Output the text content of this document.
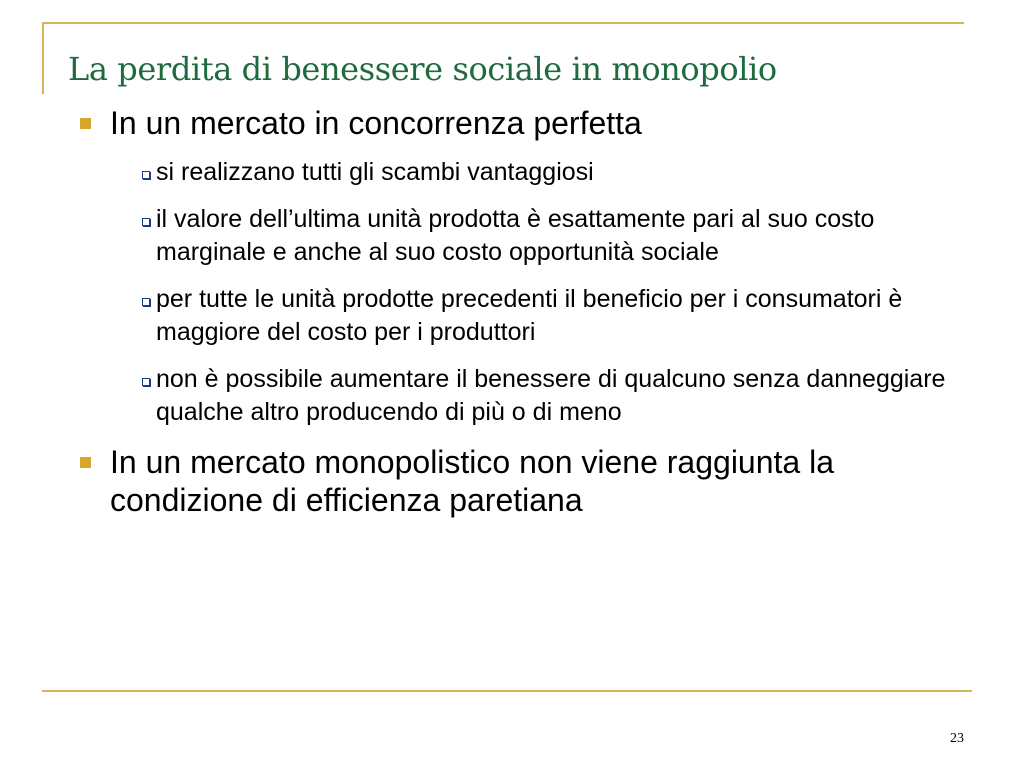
La perdita di benessere sociale in monopolio
In un mercato in concorrenza perfetta
si realizzano tutti gli scambi vantaggiosi
il valore dell’ultima unità prodotta è esattamente pari al suo costo marginale e anche al suo costo opportunità sociale
per tutte le unità prodotte precedenti il beneficio per i consumatori è maggiore del costo per i produttori
non è possibile aumentare il benessere di qualcuno senza danneggiare qualche altro producendo di più o di meno
In un mercato monopolistico non viene raggiunta la condizione di efficienza paretiana
23
